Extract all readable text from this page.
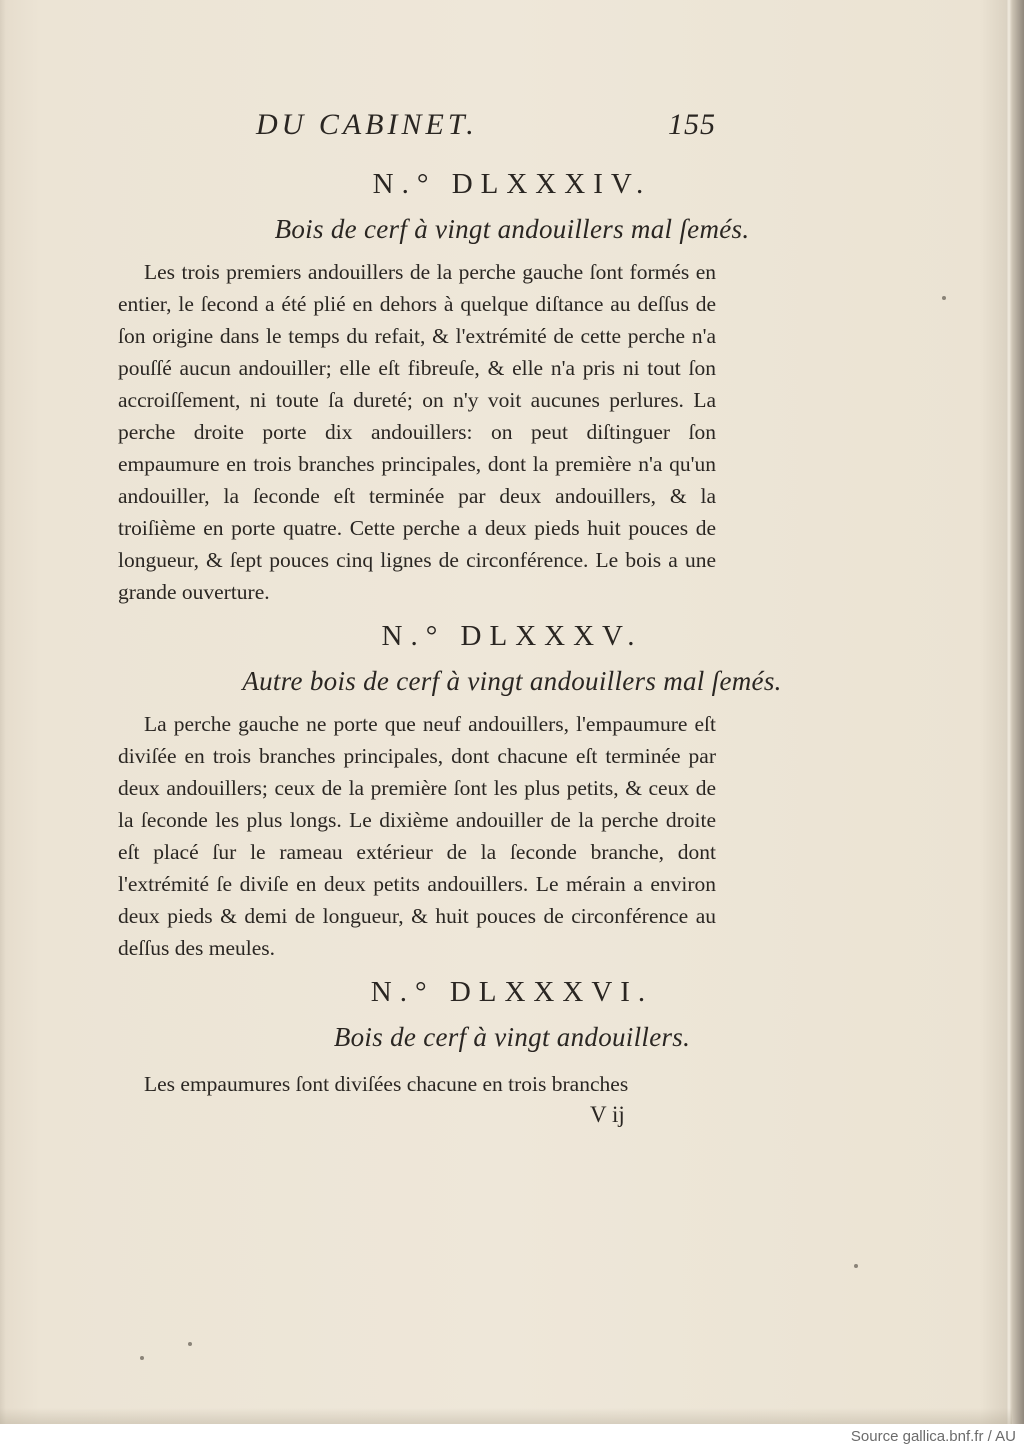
DU CABINET.	155
N.° DLXXXIV.
Bois de cerf à vingt andouillers mal ſemés.

Les trois premiers andouillers de la perche gauche ſont formés en entier, le ſecond a été plié en dehors à quelque diſtance au deſſus de ſon origine dans le temps du refait, & l'extrémité de cette perche n'a pouſſé aucun andouiller; elle eſt fibreuſe, & elle n'a pris ni tout ſon accroiſſement, ni toute ſa dureté; on n'y voit aucunes perlures. La perche droite porte dix andouillers: on peut diſtinguer ſon empaumure en trois branches principales, dont la première n'a qu'un andouiller, la ſeconde eſt terminée par deux andouillers, & la troiſième en porte quatre. Cette perche a deux pieds huit pouces de longueur, & ſept pouces cinq lignes de circonférence. Le bois a une grande ouverture.

N.° DLXXXV.
Autre bois de cerf à vingt andouillers mal ſemés.

La perche gauche ne porte que neuf andouillers, l'empaumure eſt diviſée en trois branches principales, dont chacune eſt terminée par deux andouillers; ceux de la première ſont les plus petits, & ceux de la ſeconde les plus longs. Le dixième andouiller de la perche droite eſt placé ſur le rameau extérieur de la ſeconde branche, dont l'extrémité ſe diviſe en deux petits andouillers. Le mérain a environ deux pieds & demi de longueur, & huit pouces de circonférence au deſſus des meules.

N.° DLXXXVI.
Bois de cerf à vingt andouillers.

Les empaumures ſont diviſées chacune en trois branches

V ij
Source gallica.bnf.fr / AU
